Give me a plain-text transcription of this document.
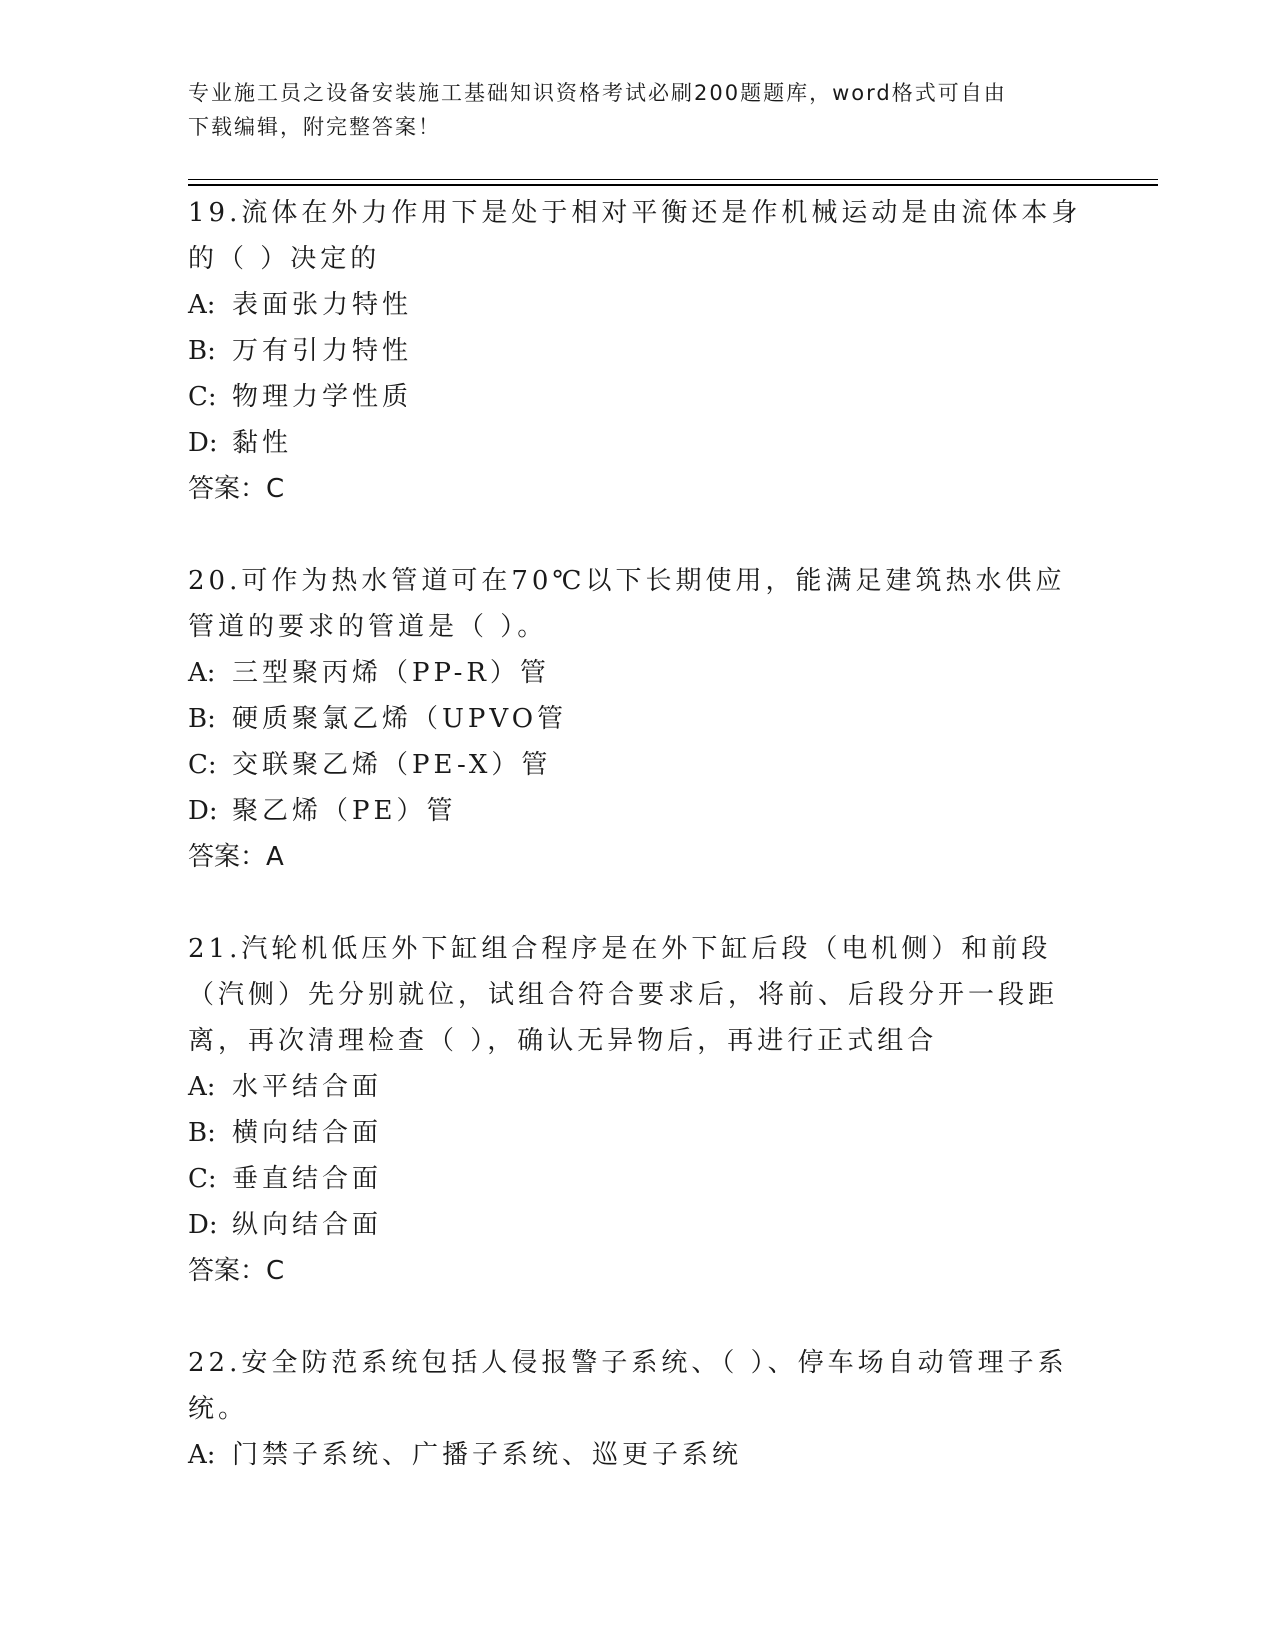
专业施工员之设备安装施工基础知识资格考试必刷200题题库，word格式可自由
下载编辑，附完整答案！

19.流体在外力作用下是处于相对平衡还是作机械运动是由流体本身的（ ）决定的

A: 表面张力特性

B: 万有引力特性

C: 物理力学性质

D: 黏性

答案：C

20.可作为热水管道可在70℃以下长期使用，能满足建筑热水供应管道的要求的管道是（ ）。

A: 三型聚丙烯（PP-R）管

B: 硬质聚氯乙烯（UPVO管

C: 交联聚乙烯（PE-X）管

D: 聚乙烯（PE）管

答案：A

21.汽轮机低压外下缸组合程序是在外下缸后段（电机侧）和前段（汽侧）先分别就位，试组合符合要求后，将前、后段分开一段距离，再次清理检查（ ），确认无异物后，再进行正式组合

A: 水平结合面

B: 横向结合面

C: 垂直结合面

D: 纵向结合面

答案：C

22.安全防范系统包括人侵报警子系统、（ ）、停车场自动管理子系统。

A: 门禁子系统、广播子系统、巡更子系统
